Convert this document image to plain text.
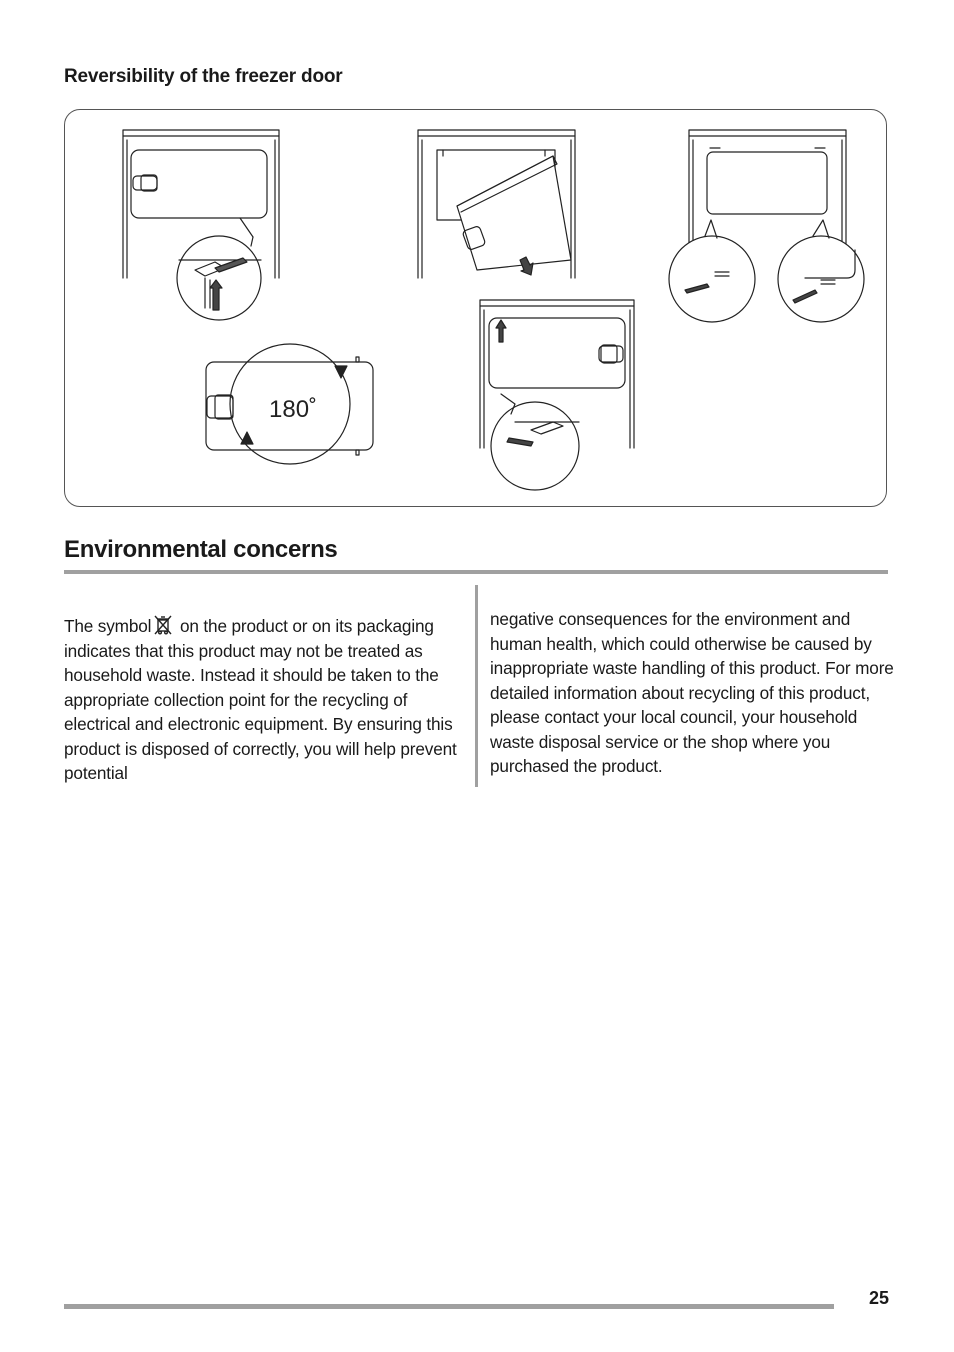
Reversibility of the freezer door
180˚
Environmental concerns

The symbol on the product or on its packaging indicates that this product may not be treated as household waste. Instead it should be taken to the appropriate collection point for the recycling of electrical and electronic equipment. By ensuring this product is disposed of correctly, you will help prevent potential

negative consequences for the environment and human health, which could otherwise be caused by inappropriate waste handling of this product. For more detailed information about recycling of this product, please contact your local council, your household waste disposal service or the shop where you purchased the product.

25
